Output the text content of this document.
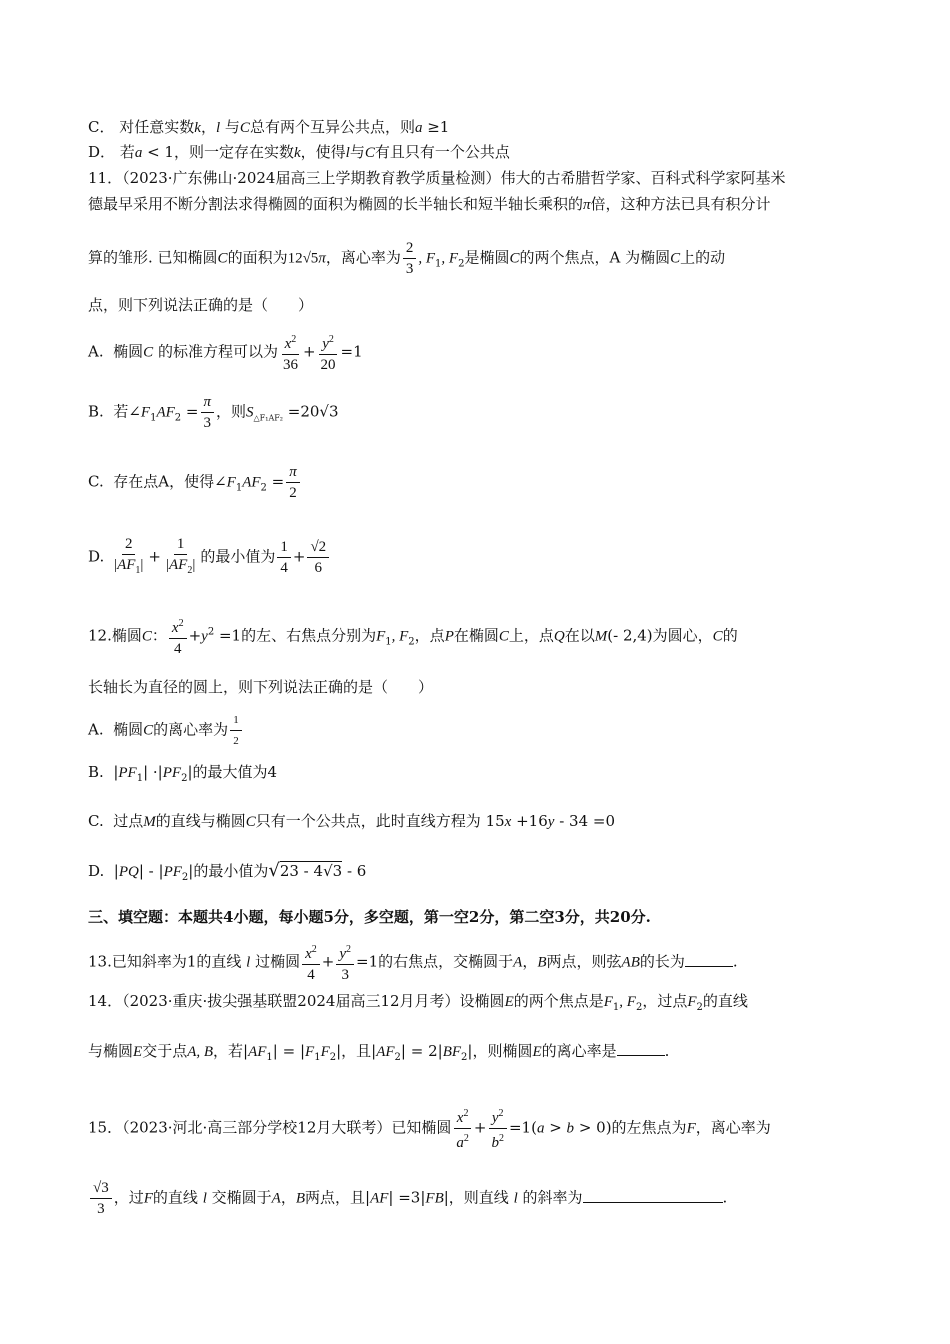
C． 对任意实数k，l 与C总有两个互异公共点，则a ≥1
D． 若a < 1，则一定存在实数k，使得l与C有且只有一个公共点
11．（2023·广东佛山·2024届高三上学期教育教学质量检测）伟大的古希腊哲学家、百科式科学家阿基米
德最早采用不断分割法求得椭圆的面积为椭圆的长半轴长和短半轴长乘积的π倍，这种方法已具有积分计
算的雏形. 已知椭圆C的面积为12√5π，离心率为 $\frac{2}{3}$ , $F_1$, $F_2$是椭圆C的两个焦点，A 为椭圆C上的动
点，则下列说法正确的是（　　）
A.  椭圆C 的标准方程可以为 $\frac{x^2}{36} + \frac{y^2}{20} =1$
B.  若$\angle F_1AF_2 = \frac{\pi}{3}$ ，则$S_{\triangle F_1AF_2} =20√3$
C.  存在点A，使得$\angle F_1AF_2 = \frac{\pi}{2}$
D. $\frac{2}{|AF_1|} + \frac{1}{|AF_2|}$ 的最小值为 $\frac{1}{4} + \frac{√2}{6}$
12.椭圆C： $\frac{x^2}{4} +y^2 =1$的左、右焦点分别为$F_1$, $F_2$，点P在椭圆C上，点Q在以M(- 2,4)为圆心，C的
长轴长为直径的圆上，则下列说法正确的是（　　）
A.  椭圆C的离心率为 $\frac{1}{2}$
B.  $|PF_1| \cdot|PF_2|$的最大值为4
C.  过点M的直线与椭圆C只有一个公共点，此时直线方程为 15x +16y - 34 =0
D.  $|PQ| - |PF_2|$的最小值为√23 - 4√3 - 6
三、填空题：本题共4小题，每小题5分，多空题，第一空2分，第二空3分，共20分.
13.已知斜率为1的直线 l 过椭圆 $\frac{x^2}{4} + \frac{y^2}{3} =1$的右焦点，交椭圆于A，B两点，则弦AB的长为	.
14．（2023·重庆·拔尖强基联盟2024届高三12月月考）设椭圆E的两个焦点是$F_1$, $F_2$，过点$F_2$的直线
与椭圆E交于点A, B，若$|AF_1| = |F_1F_2|$，且$|AF_2| = 2|BF_2|$，则椭圆E的离心率是	.
15．（2023·河北·高三部分学校12月大联考）已知椭圆 $\frac{x^2}{a^2} + \frac{y^2}{b^2} =1(a > b > 0)$的左焦点为F，离心率为
$\frac{√3}{3}$ ，过F的直线 l 交椭圆于A，B两点，且|AF| =3|FB|，则直线 l 的斜率为	.
